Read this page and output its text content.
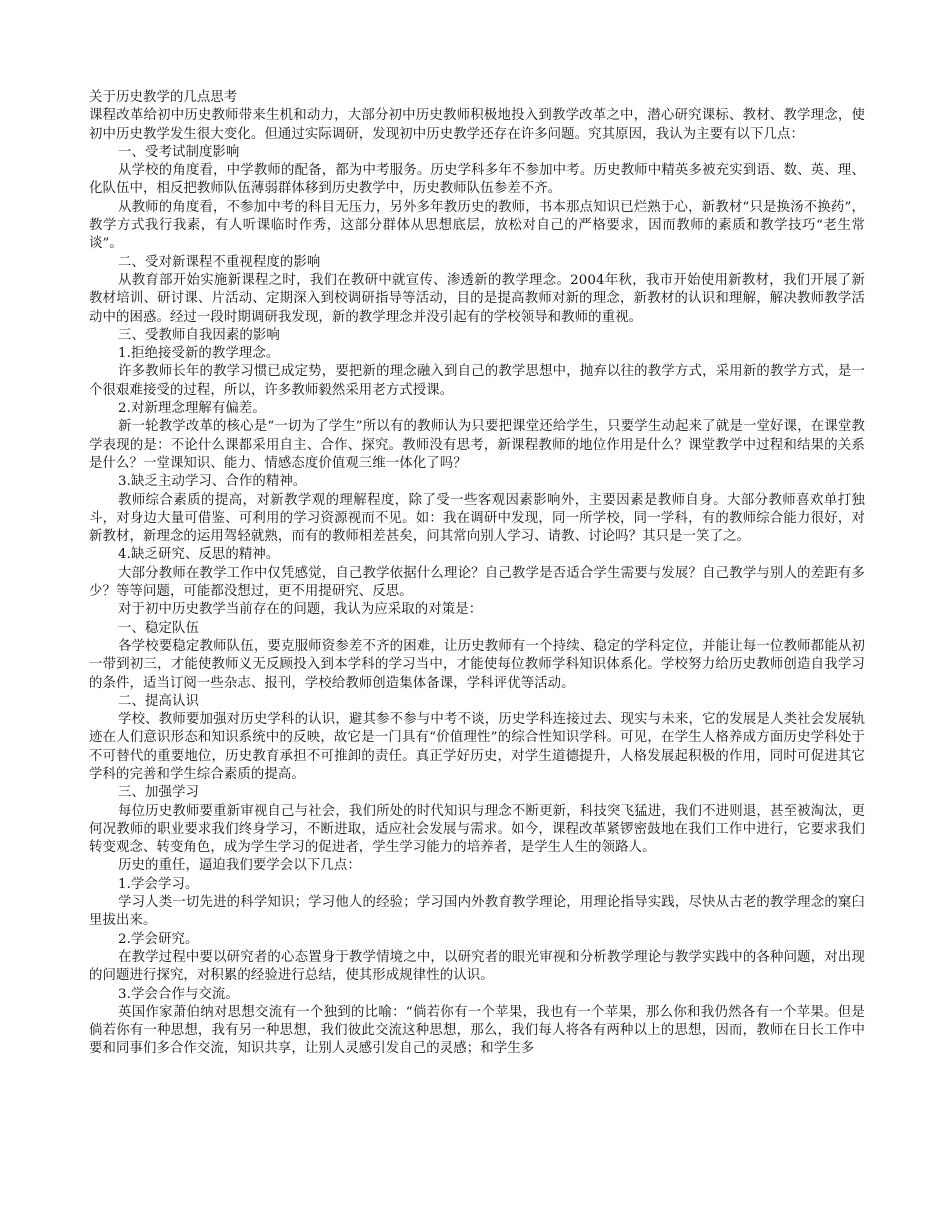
关于历史教学的几点思考
课程改革给初中历史教师带来生机和动力，大部分初中历史教师积极地投入到教学改革之中，潜心研究课标、教材、教学理念，使初中历史教学发生很大变化。但通过实际调研，发现初中历史教学还存在许多问题。究其原因，我认为主要有以下几点：
一、受考试制度影响
从学校的角度看，中学教师的配备，都为中考服务。历史学科多年不参加中考。历史教师中精英多被充实到语、数、英、理、化队伍中，相反把教师队伍薄弱群体移到历史教学中，历史教师队伍参差不齐。
从教师的角度看，不参加中考的科目无压力，另外多年教历史的教师，书本那点知识已烂熟于心，新教材“只是换汤不换药”，教学方式我行我素，有人听课临时作秀，这部分群体从思想底层，放松对自己的严格要求，因而教师的素质和教学技巧“老生常谈”。
二、受对新课程不重视程度的影响
从教育部开始实施新课程之时，我们在教研中就宣传、渗透新的教学理念。2004年秋，我市开始使用新教材，我们开展了新教材培训、研讨课、片活动、定期深入到校调研指导等活动，目的是提高教师对新的理念，新教材的认识和理解，解决教师教学活动中的困惑。经过一段时期调研我发现，新的教学理念并没引起有的学校领导和教师的重视。
三、受教师自我因素的影响
1.拒绝接受新的教学理念。
许多教师长年的教学习惯已成定势，要把新的理念融入到自己的教学思想中，抛弃以往的教学方式，采用新的教学方式，是一个很艰难接受的过程，所以，许多教师毅然采用老方式授课。
2.对新理念理解有偏差。
新一轮教学改革的核心是“一切为了学生”所以有的教师认为只要把课堂还给学生，只要学生动起来了就是一堂好课，在课堂教学表现的是：不论什么课都采用自主、合作、探究。教师没有思考，新课程教师的地位作用是什么？课堂教学中过程和结果的关系是什么？一堂课知识、能力、情感态度价值观三维一体化了吗？
3.缺乏主动学习、合作的精神。
教师综合素质的提高，对新教学观的理解程度，除了受一些客观因素影响外，主要因素是教师自身。大部分教师喜欢单打独斗，对身边大量可借鉴、可利用的学习资源视而不见。如：我在调研中发现，同一所学校，同一学科，有的教师综合能力很好，对新教材，新理念的运用驾轻就熟，而有的教师相差甚矣，问其常向别人学习、请教、讨论吗？其只是一笑了之。
4.缺乏研究、反思的精神。
大部分教师在教学工作中仅凭感觉，自己教学依据什么理论？自己教学是否适合学生需要与发展？自己教学与别人的差距有多少？等等问题，可能都没想过，更不用提研究、反思。
对于初中历史教学当前存在的问题，我认为应采取的对策是：
一、稳定队伍
各学校要稳定教师队伍，要克服师资参差不齐的困难，让历史教师有一个持续、稳定的学科定位，并能让每一位教师都能从初一带到初三，才能使教师义无反顾投入到本学科的学习当中，才能使每位教师学科知识体系化。学校努力给历史教师创造自我学习的条件，适当订阅一些杂志、报刊，学校给教师创造集体备课，学科评优等活动。
二、提高认识
学校、教师要加强对历史学科的认识，避其参不参与中考不谈，历史学科连接过去、现实与未来，它的发展是人类社会发展轨迹在人们意识形态和知识系统中的反映，故它是一门具有“价值理性”的综合性知识学科。可见，在学生人格养成方面历史学科处于不可替代的重要地位，历史教育承担不可推卸的责任。真正学好历史，对学生道德提升，人格发展起积极的作用，同时可促进其它学科的完善和学生综合素质的提高。
三、加强学习
每位历史教师要重新审视自己与社会，我们所处的时代知识与理念不断更新，科技突飞猛进，我们不进则退，甚至被淘汰，更何况教师的职业要求我们终身学习，不断进取，适应社会发展与需求。如今，课程改革紧锣密鼓地在我们工作中进行，它要求我们转变观念、转变角色，成为学生学习的促进者，学生学习能力的培养者，是学生人生的领路人。
历史的重任，逼迫我们要学会以下几点：
1.学会学习。
学习人类一切先进的科学知识；学习他人的经验；学习国内外教育教学理论，用理论指导实践，尽快从古老的教学理念的窠臼里拔出来。
2.学会研究。
在教学过程中要以研究者的心态置身于教学情境之中，以研究者的眼光审视和分析教学理论与教学实践中的各种问题，对出现的问题进行探究，对积累的经验进行总结，使其形成规律性的认识。
3.学会合作与交流。
英国作家萧伯纳对思想交流有一个独到的比喻：“倘若你有一个苹果，我也有一个苹果，那么你和我仍然各有一个苹果。但是倘若你有一种思想，我有另一种思想，我们彼此交流这种思想，那么，我们每人将各有两种以上的思想，因而，教师在日长工作中要和同事们多合作交流，知识共享，让别人灵感引发自己的灵感；和学生多
